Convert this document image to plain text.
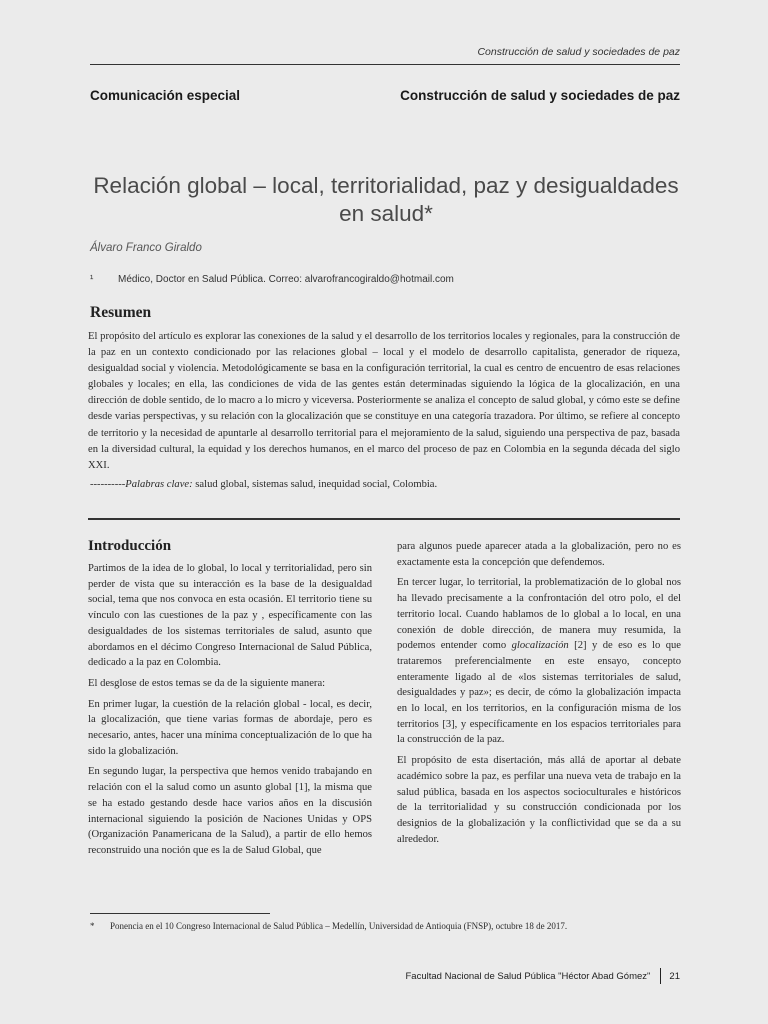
Construcción de salud y sociedades de paz
Comunicación especial	Construcción de salud y sociedades de paz
Relación global – local, territorialidad, paz y desigualdades en salud*
Álvaro Franco Giraldo
¹ Médico, Doctor en Salud Pública. Correo: alvarofrancogiraldo@hotmail.com
Resumen

El propósito del artículo es explorar las conexiones de la salud y el desarrollo de los territorios locales y regionales, para la construcción de la paz en un contexto condicionado por las relaciones global – local y el modelo de desarrollo capitalista, generador de riqueza, desigualdad social y violencia. Metodológicamente se basa en la configuración territorial, la cual es centro de encuentro de esas relaciones globales y locales; en ella, las condiciones de vida de las gentes están determinadas siguiendo la lógica de la glocalización, en una dirección de doble sentido, de lo macro a lo micro y viceversa. Posteriormente se analiza el concepto de salud global, y cómo este se define desde varias perspectivas, y su relación con la glocalización que se constituye en una categoría trazadora. Por último, se refiere al concepto de territorio y la necesidad de apuntarle al desarrollo territorial para el mejoramiento de la salud, siguiendo una perspectiva de paz, basada en la diversidad cultural, la equidad y los derechos humanos, en el marco del proceso de paz en Colombia en la segunda década del siglo XXI.

----------Palabras clave: salud global, sistemas salud, inequidad social, Colombia.
Introducción

Partimos de la idea de lo global, lo local y territorialidad, pero sin perder de vista que su interacción es la base de la desigualdad social, tema que nos convoca en esta ocasión. El territorio tiene su vínculo con las cuestiones de la paz y , específicamente con las desigualdades de los sistemas territoriales de salud, asunto que abordamos en el décimo Congreso Internacional de Salud Pública, dedicado a la paz en Colombia.

El desglose de estos temas se da de la siguiente manera:

En primer lugar, la cuestión de la relación global - local, es decir, la glocalización, que tiene varias formas de abordaje, pero es necesario, antes, hacer una mínima conceptualización de lo que ha sido la globalización.

En segundo lugar, la perspectiva que hemos venido trabajando en relación con el la salud como un asunto global [1], la misma que se ha estado gestando desde hace varios años en la discusión internacional siguiendo la posición de Naciones Unidas y OPS (Organización Panamericana de la Salud), a partir de ello hemos reconstruido una noción que es la de Salud Global, que

para algunos puede aparecer atada a la globalización, pero no es exactamente esta la concepción que defendemos.

En tercer lugar, lo territorial, la problematización de lo global nos ha llevado precisamente a la confrontación del otro polo, el del territorio local. Cuando hablamos de lo global a lo local, en una conexión de doble dirección, de manera muy resumida, la podemos entender como glocalización [2] y de eso es lo que trataremos preferencialmente en este ensayo, concepto enteramente ligado al de «los sistemas territoriales de salud, desigualdades y paz»; es decir, de cómo la globalización impacta en lo local, en los territorios, en la configuración misma de los territorios [3], y específicamente en los espacios territoriales para la construcción de la paz.

El propósito de esta disertación, más allá de aportar al debate académico sobre la paz, es perfilar una nueva veta de trabajo en la salud pública, basada en los aspectos socioculturales e históricos de la territorialidad y su construcción condicionada por los designios de la globalización y la conflictividad que se da a su alrededor.

* Ponencia en el 10 Congreso Internacional de Salud Pública – Medellín, Universidad de Antioquia (FNSP), octubre 18 de 2017.
Facultad Nacional de Salud Pública "Héctor Abad Gómez" 21
